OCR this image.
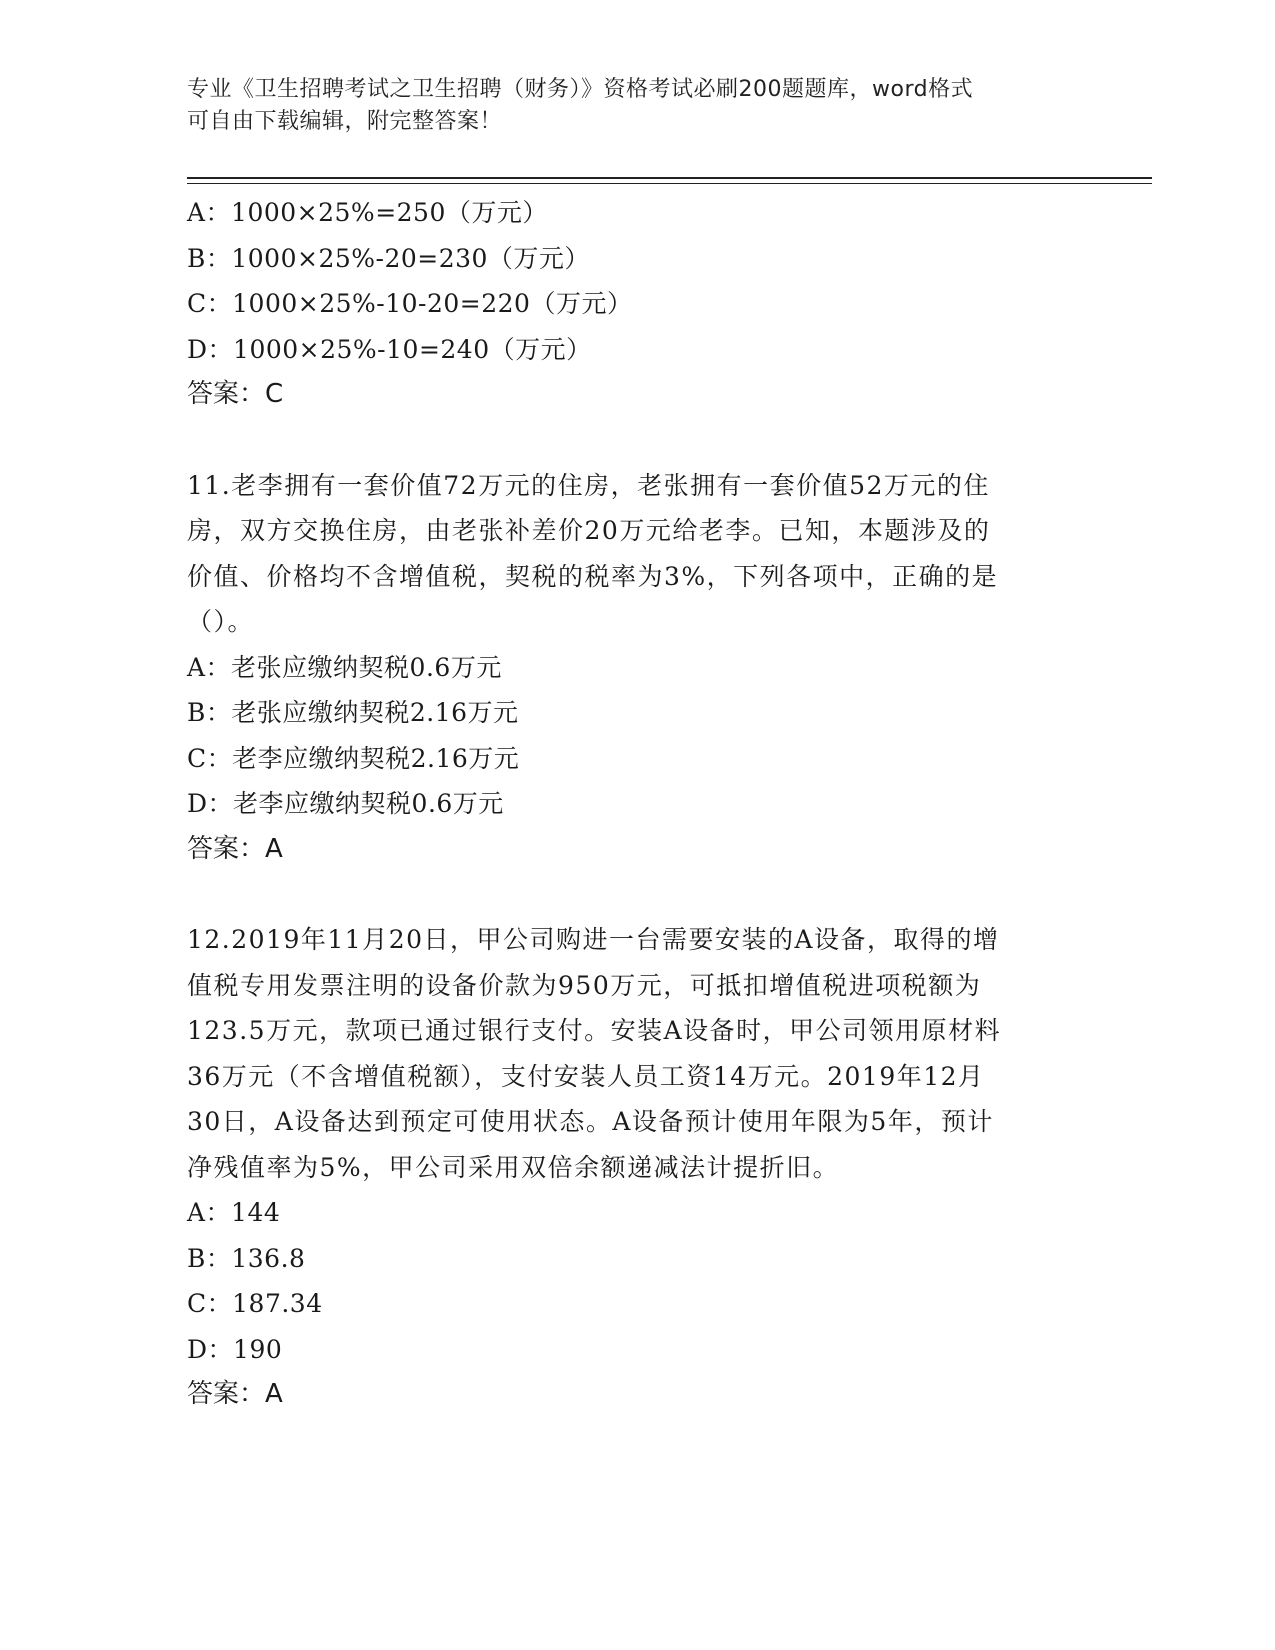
专业《卫生招聘考试之卫生招聘（财务）》资格考试必刷200题题库，word格式
可自由下载编辑，附完整答案！
A：1000×25%=250（万元）
B：1000×25%-20=230（万元）
C：1000×25%-10-20=220（万元）
D：1000×25%-10=240（万元）
答案：C
11.老李拥有一套价值72万元的住房，老张拥有一套价值52万元的住
房，双方交换住房，由老张补差价20万元给老李。已知，本题涉及的
价值、价格均不含增值税，契税的税率为3%，下列各项中，正确的是
（）。
A：老张应缴纳契税0.6万元
B：老张应缴纳契税2.16万元
C：老李应缴纳契税2.16万元
D：老李应缴纳契税0.6万元
答案：A
12.2019年11月20日，甲公司购进一台需要安装的A设备，取得的增
值税专用发票注明的设备价款为950万元，可抵扣增值税进项税额为
123.5万元，款项已通过银行支付。安装A设备时，甲公司领用原材料
36万元（不含增值税额），支付安装人员工资14万元。2019年12月
30日，A设备达到预定可使用状态。A设备预计使用年限为5年，预计
净残值率为5%，甲公司采用双倍余额递减法计提折旧。
A：144
B：136.8
C：187.34
D：190
答案：A
